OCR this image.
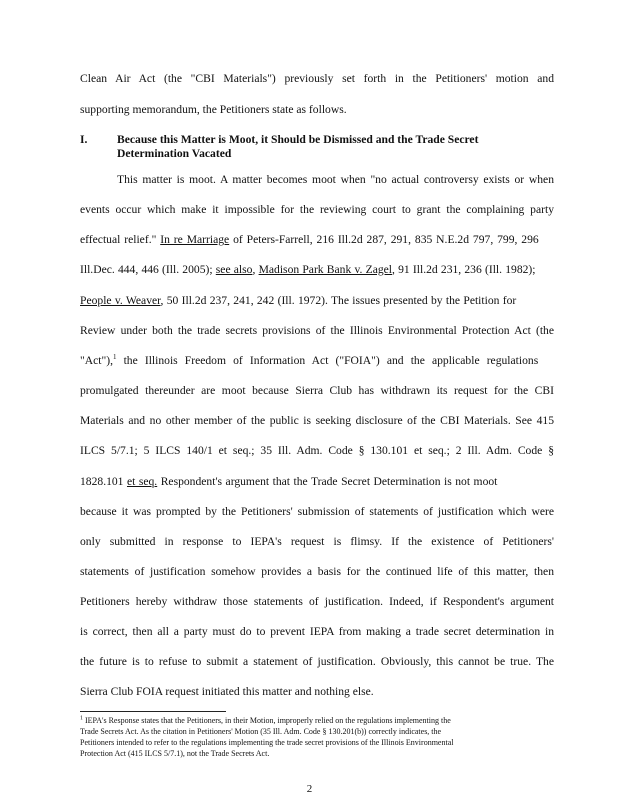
Clean Air Act (the "CBI Materials") previously set forth in the Petitioners' motion and
supporting memorandum, the Petitioners state as follows.
I.	Because this Matter is Moot, it Should be Dismissed and the Trade Secret
Determination Vacated
This matter is moot. A matter becomes moot when "no actual controversy exists or when
events occur which make it impossible for the reviewing court to grant the complaining party
effectual relief." In re Marriage of Peters-Farrell, 216 Ill.2d 287, 291, 835 N.E.2d 797, 799, 296
Ill.Dec. 444, 446 (Ill. 2005); see also, Madison Park Bank v. Zagel, 91 Ill.2d 231, 236 (Ill. 1982);
People v. Weaver, 50 Ill.2d 237, 241, 242 (Ill. 1972). The issues presented by the Petition for
Review under both the trade secrets provisions of the Illinois Environmental Protection Act (the
"Act"),$^1$ the Illinois Freedom of Information Act ("FOIA") and the applicable regulations
promulgated thereunder are moot because Sierra Club has withdrawn its request for the CBI
Materials and no other member of the public is seeking disclosure of the CBI Materials. See 415
ILCS 5/7.1; 5 ILCS 140/1 et seq.; 35 Ill. Adm. Code § 130.101 et seq.; 2 Ill. Adm. Code §
1828.101 et seq. Respondent's argument that the Trade Secret Determination is not moot
because it was prompted by the Petitioners' submission of statements of justification which were
only submitted in response to IEPA's request is flimsy. If the existence of Petitioners'
statements of justification somehow provides a basis for the continued life of this matter, then
Petitioners hereby withdraw those statements of justification. Indeed, if Respondent's argument
is correct, then all a party must do to prevent IEPA from making a trade secret determination in
the future is to refuse to submit a statement of justification. Obviously, this cannot be true. The
Sierra Club FOIA request initiated this matter and nothing else.
$^1$ IEPA's Response states that the Petitioners, in their Motion, improperly relied on the regulations implementing the
Trade Secrets Act. As the citation in Petitioners' Motion (35 Ill. Adm. Code § 130.201(b)) correctly indicates, the
Petitioners intended to refer to the regulations implementing the trade secret provisions of the Illinois Environmental
Protection Act (415 ILCS 5/7.1), not the Trade Secrets Act.
2
